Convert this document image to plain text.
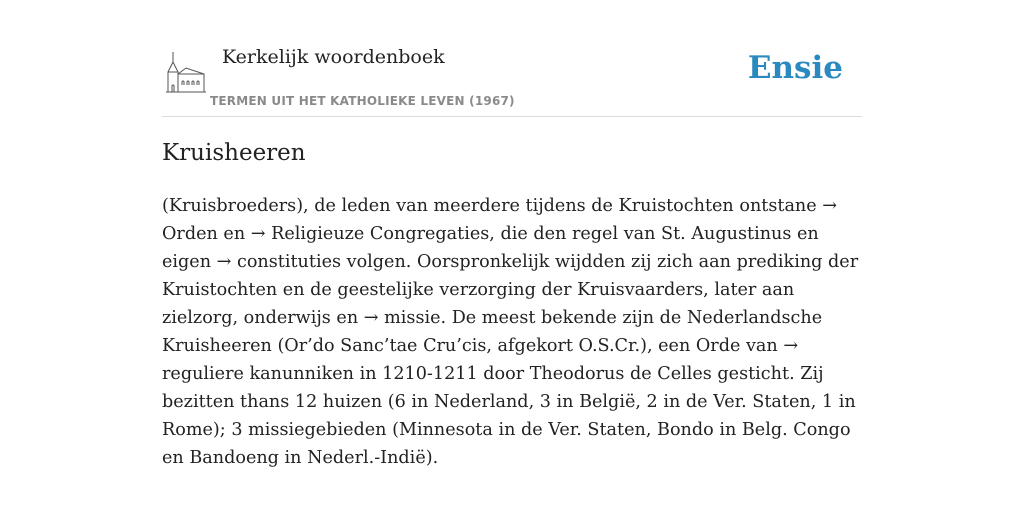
Kerkelijk woordenboek
TERMEN UIT HET KATHOLIEKE LEVEN (1967)
Ensie
Kruisheeren

(Kruisbroeders), de leden van meerdere tijdens de Kruistochten ontstane → Orden en → Religieuze Congregaties, die den regel van St. Augustinus en eigen → constituties volgen. Oorspronkelijk wijdden zij zich aan prediking der Kruistochten en de geestelijke verzorging der Kruisvaarders, later aan zielzorg, onderwijs en → missie. De meest bekende zijn de Nederlandsche Kruisheeren (Or’do Sanc’tae Cru’cis, afgekort O.S.Cr.), een Orde van → reguliere kanunniken in 1210-1211 door Theodorus de Celles gesticht. Zij bezitten thans 12 huizen (6 in Nederland, 3 in België, 2 in de Ver. Staten, 1 in Rome); 3 missiegebieden (Minnesota in de Ver. Staten, Bondo in Belg. Congo en Bandoeng in Nederl.-Indië).
